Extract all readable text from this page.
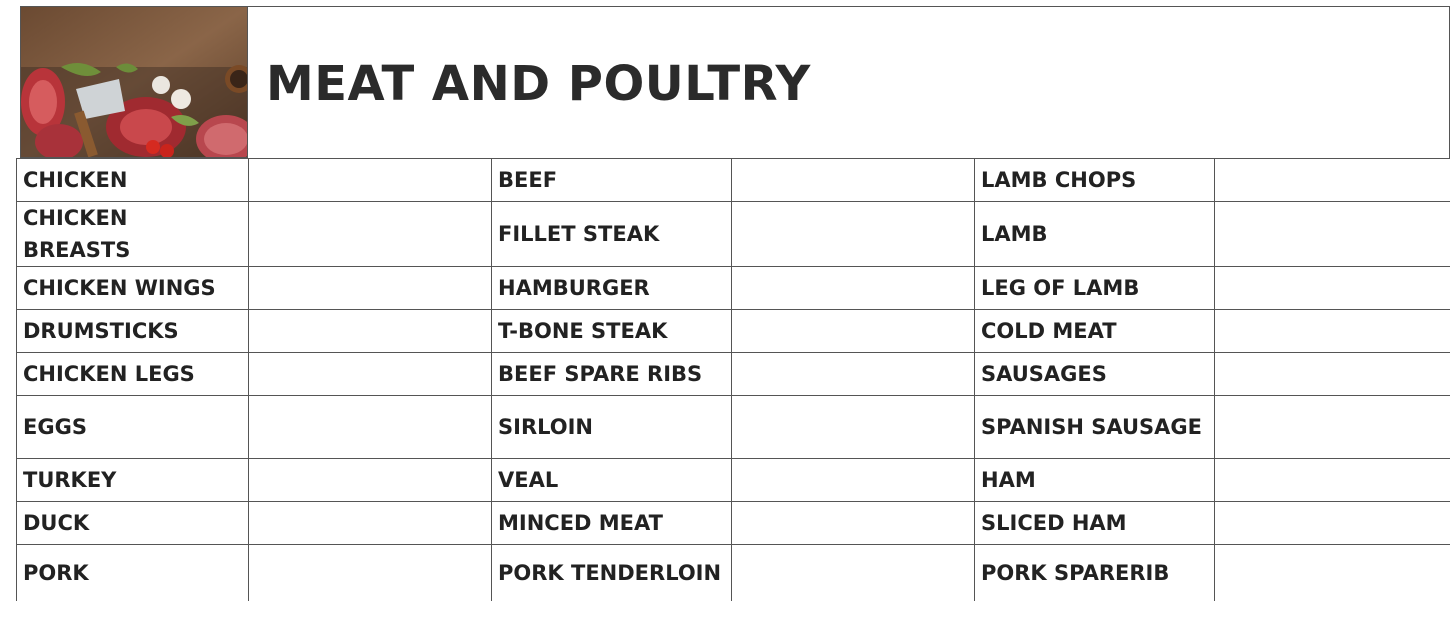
MEAT AND POULTRY
CHICKEN		BEEF		LAMB CHOPS	
CHICKEN BREASTS		FILLET STEAK		LAMB	
CHICKEN WINGS		HAMBURGER		LEG OF LAMB	
DRUMSTICKS		T-BONE STEAK		COLD MEAT	
CHICKEN LEGS		BEEF SPARE RIBS		SAUSAGES	
EGGS		SIRLOIN		SPANISH SAUSAGE	
TURKEY		VEAL		HAM	
DUCK		MINCED MEAT		SLICED HAM	
PORK		PORK TENDERLOIN		PORK SPARERIB	
